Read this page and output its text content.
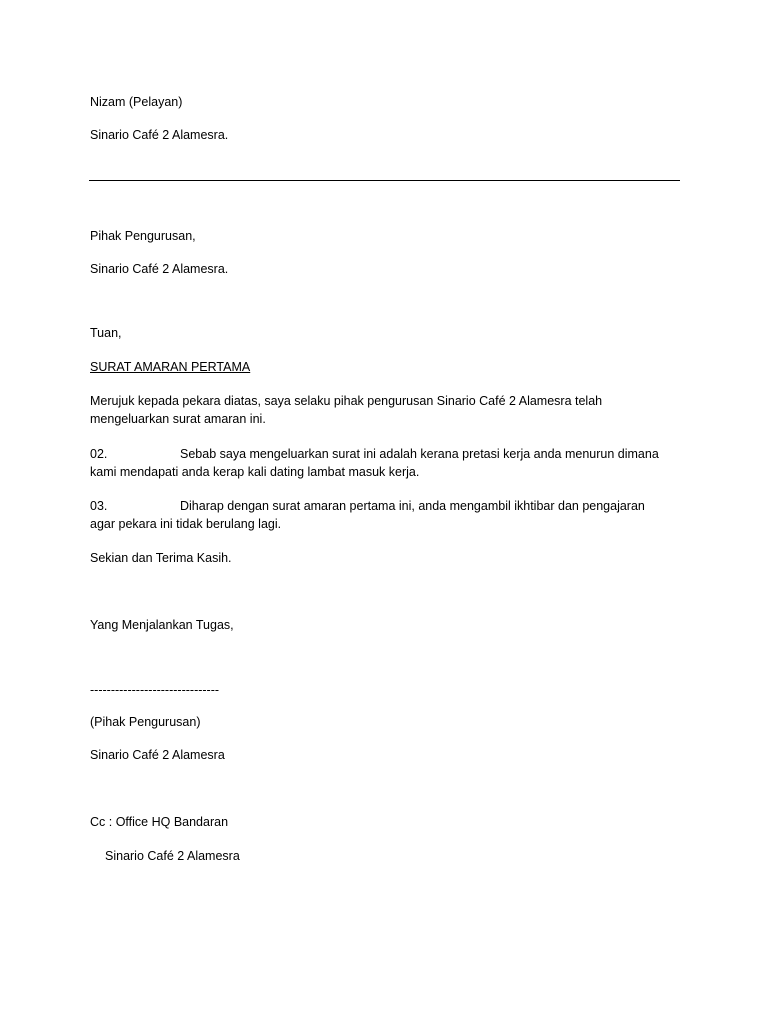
Nizam (Pelayan)
Sinario Café 2 Alamesra.
Pihak Pengurusan,
Sinario Café 2 Alamesra.
Tuan,
SURAT AMARAN PERTAMA
Merujuk kepada pekara diatas, saya selaku pihak pengurusan Sinario Café 2 Alamesra telah mengeluarkan surat amaran ini.
02.	Sebab saya mengeluarkan surat ini adalah kerana pretasi kerja anda menurun dimana kami mendapati anda kerap kali dating lambat masuk kerja.
03.	Diharap dengan surat amaran pertama ini, anda mengambil ikhtibar dan pengajaran agar pekara ini tidak berulang lagi.
Sekian dan Terima Kasih.
Yang Menjalankan Tugas,
-------------------------------
(Pihak Pengurusan)
Sinario Café 2 Alamesra
Cc : Office HQ Bandaran
Sinario Café 2 Alamesra
